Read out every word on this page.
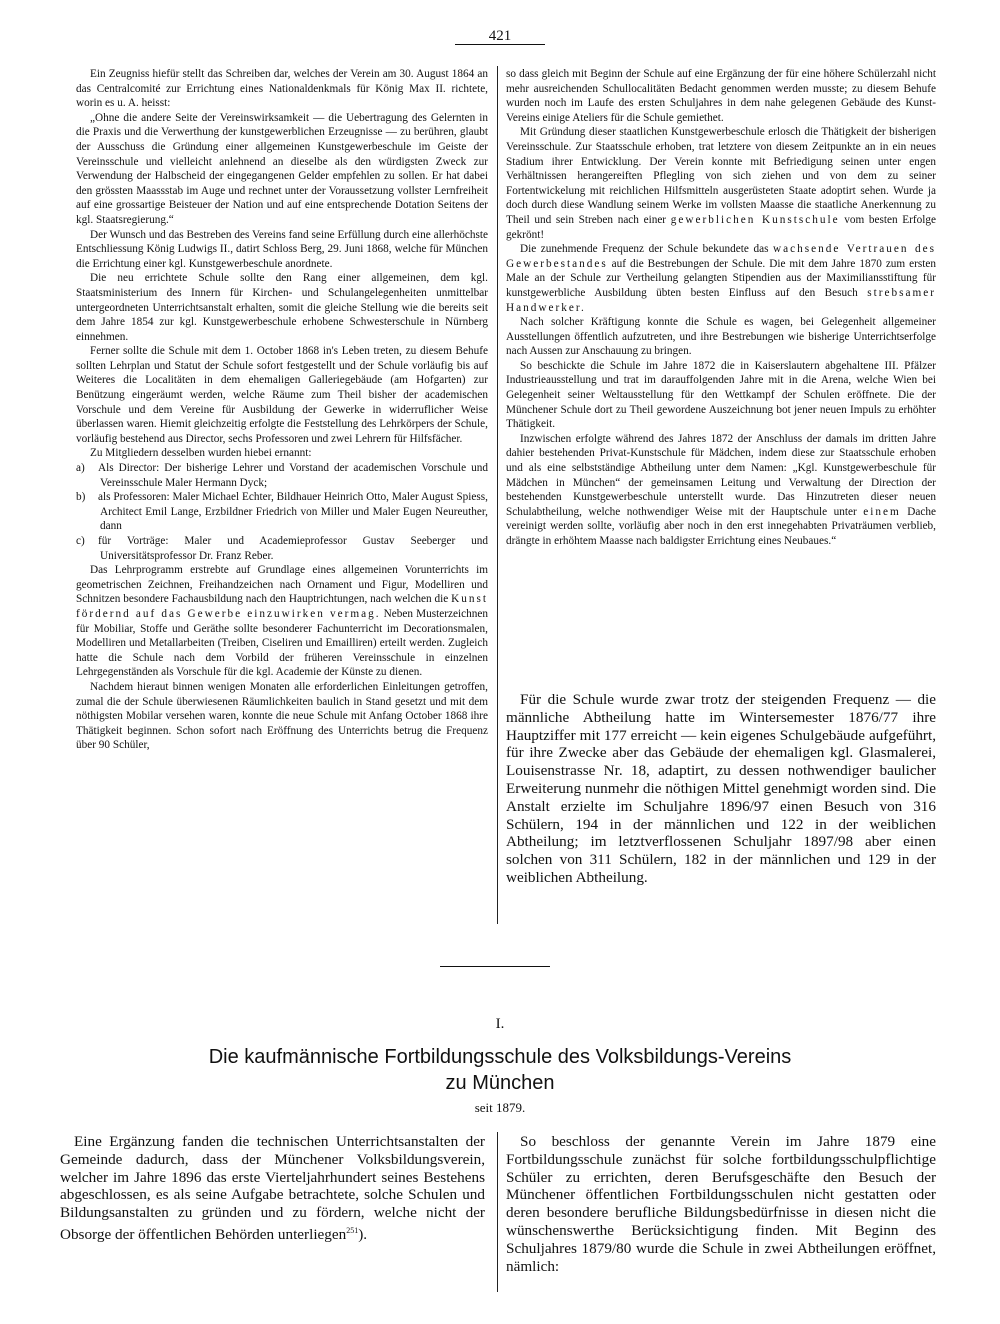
421

Ein Zeugniss hiefür stellt das Schreiben dar, welches der Verein am 30. August 1864 an das Centralcomité zur Errichtung eines Nationaldenkmals für König Max II. richtete, worin es u. A. heisst:

„Ohne die andere Seite der Vereinswirksamkeit — die Uebertragung des Gelernten in die Praxis und die Verwerthung der kunstgewerblichen Erzeugnisse — zu berühren, glaubt der Ausschuss die Gründung einer allgemeinen Kunstgewerbeschule im Geiste der Vereinsschule und vielleicht anlehnend an dieselbe als den würdigsten Zweck zur Verwendung der Halbscheid der eingegangenen Gelder empfehlen zu sollen. Er hat dabei den grössten Maassstab im Auge und rechnet unter der Voraussetzung vollster Lernfreiheit auf eine grossartige Beisteuer der Nation und auf eine entsprechende Dotation Seitens der kgl. Staatsregierung.“

Der Wunsch und das Bestreben des Vereins fand seine Erfüllung durch eine allerhöchste Entschliessung König Ludwigs II., datirt Schloss Berg, 29. Juni 1868, welche für München die Errichtung einer kgl. Kunstgewerbeschule anordnete.

Die neu errichtete Schule sollte den Rang einer allgemeinen, dem kgl. Staatsministerium des Innern für Kirchen- und Schulangelegenheiten unmittelbar untergeordneten Unterrichtsanstalt erhalten, somit die gleiche Stellung wie die bereits seit dem Jahre 1854 zur kgl. Kunstgewerbeschule erhobene Schwesterschule in Nürnberg einnehmen.

Ferner sollte die Schule mit dem 1. October 1868 in's Leben treten, zu diesem Behufe sollten Lehrplan und Statut der Schule sofort festgestellt und der Schule vorläufig bis auf Weiteres die Localitäten in dem ehemaligen Galleriegebäude (am Hofgarten) zur Benützung eingeräumt werden, welche Räume zum Theil bisher der academischen Vorschule und dem Vereine für Ausbildung der Gewerke in widerruflicher Weise überlassen waren. Hiemit gleichzeitig erfolgte die Feststellung des Lehrkörpers der Schule, vorläufig bestehend aus Director, sechs Professoren und zwei Lehrern für Hilfsfächer.

Zu Mitgliedern desselben wurden hiebei ernannt:

a) Als Director: Der bisherige Lehrer und Vorstand der academischen Vorschule und Vereinsschule Maler Hermann Dyck;

b) als Professoren: Maler Michael Echter, Bildhauer Heinrich Otto, Maler August Spiess, Architect Emil Lange, Erzbildner Friedrich von Miller und Maler Eugen Neureuther, dann

c) für Vorträge: Maler und Academieprofessor Gustav Seeberger und Universitätsprofessor Dr. Franz Reber.

Das Lehrprogramm erstrebte auf Grundlage eines allgemeinen Vorunterrichts im geometrischen Zeichnen, Freihandzeichen nach Ornament und Figur, Modelliren und Schnitzen besondere Fachausbildung nach den Hauptrichtungen, nach welchen die Kunst fördernd auf das Gewerbe einzuwirken vermag. Neben Musterzeichnen für Mobiliar, Stoffe und Geräthe sollte besonderer Fachunterricht im Decorationsmalen, Modelliren und Metallarbeiten (Treiben, Ciseliren und Emailliren) erteilt werden. Zugleich hatte die Schule nach dem Vorbild der früheren Vereinsschule in einzelnen Lehrgegenständen als Vorschule für die kgl. Academie der Künste zu dienen.

Nachdem hieraut binnen wenigen Monaten alle erforderlichen Einleitungen getroffen, zumal die der Schule überwiesenen Räumlichkeiten baulich in Stand gesetzt und mit dem nöthigsten Mobilar versehen waren, konnte die neue Schule mit Anfang October 1868 ihre Thätigkeit beginnen. Schon sofort nach Eröffnung des Unterrichts betrug die Frequenz über 90 Schüler,

so dass gleich mit Beginn der Schule auf eine Ergänzung der für eine höhere Schülerzahl nicht mehr ausreichenden Schullocalitäten Bedacht genommen werden musste; zu diesem Behufe wurden noch im Laufe des ersten Schuljahres in dem nahe gelegenen Gebäude des Kunst-Vereins einige Ateliers für die Schule gemiethet.

Mit Gründung dieser staatlichen Kunstgewerbeschule erlosch die Thätigkeit der bisherigen Vereinsschule. Zur Staatsschule erhoben, trat letztere von diesem Zeitpunkte an in ein neues Stadium ihrer Entwicklung. Der Verein konnte mit Befriedigung seinen unter engen Verhältnissen herangereiften Pflegling von sich ziehen und von dem zu seiner Fortentwickelung mit reichlichen Hilfsmitteln ausgerüsteten Staate adoptirt sehen. Wurde ja doch durch diese Wandlung seinem Werke im vollsten Maasse die staatliche Anerkennung zu Theil und sein Streben nach einer gewerblichen Kunstschule vom besten Erfolge gekrönt!

Die zunehmende Frequenz der Schule bekundete das wachsende Vertrauen des Gewerbestandes auf die Bestrebungen der Schule. Die mit dem Jahre 1870 zum ersten Male an der Schule zur Vertheilung gelangten Stipendien aus der Maximiliansstiftung für kunstgewerbliche Ausbildung übten besten Einfluss auf den Besuch strebsamer Handwerker.

Nach solcher Kräftigung konnte die Schule es wagen, bei Gelegenheit allgemeiner Ausstellungen öffentlich aufzutreten, und ihre Bestrebungen wie bisherige Unterrichtserfolge nach Aussen zur Anschauung zu bringen.

So beschickte die Schule im Jahre 1872 die in Kaiserslautern abgehaltene III. Pfälzer Industrieausstellung und trat im darauffolgenden Jahre mit in die Arena, welche Wien bei Gelegenheit seiner Weltausstellung für den Wettkampf der Schulen eröffnete. Die der Münchener Schule dort zu Theil gewordene Auszeichnung bot jener neuen Impuls zu erhöhter Thätigkeit.

Inzwischen erfolgte während des Jahres 1872 der Anschluss der damals im dritten Jahre dahier bestehenden Privat-Kunstschule für Mädchen, indem diese zur Staatsschule erhoben und als eine selbstständige Abtheilung unter dem Namen: „Kgl. Kunstgewerbeschule für Mädchen in München“ der gemeinsamen Leitung und Verwaltung der Direction der bestehenden Kunstgewerbeschule unterstellt wurde. Das Hinzutreten dieser neuen Schulabtheilung, welche nothwendiger Weise mit der Hauptschule unter einem Dache vereinigt werden sollte, vorläufig aber noch in den erst innegehabten Privaträumen verblieb, drängte in erhöhtem Maasse nach baldigster Errichtung eines Neubaues.“

Für die Schule wurde zwar trotz der steigenden Frequenz — die männliche Abtheilung hatte im Wintersemester 1876/77 ihre Hauptziffer mit 177 erreicht — kein eigenes Schulgebäude aufgeführt, für ihre Zwecke aber das Gebäude der ehemaligen kgl. Glasmalerei, Louisenstrasse Nr. 18, adaptirt, zu dessen nothwendiger baulicher Erweiterung nunmehr die nöthigen Mittel genehmigt worden sind. Die Anstalt erzielte im Schuljahre 1896/97 einen Besuch von 316 Schülern, 194 in der männlichen und 122 in der weiblichen Abtheilung; im letztverflossenen Schuljahr 1897/98 aber einen solchen von 311 Schülern, 182 in der männlichen und 129 in der weiblichen Abtheilung.

I.
Die kaufmännische Fortbildungsschule des Volksbildungs-Vereins
zu München
seit 1879.

Eine Ergänzung fanden die technischen Unterrichtsanstalten der Gemeinde dadurch, dass der Münchener Volksbildungsverein, welcher im Jahre 1896 das erste Vierteljahrhundert seines Bestehens abgeschlossen, es als seine Aufgabe betrachtete, solche Schulen und Bildungsanstalten zu gründen und zu fördern, welche nicht der Obsorge der öffentlichen Behörden unterliegen$^{251}$).

So beschloss der genannte Verein im Jahre 1879 eine Fortbildungsschule zunächst für solche fortbildungsschulpflichtige Schüler zu errichten, deren Berufsgeschäfte den Besuch der Münchener öffentlichen Fortbildungsschulen nicht gestatten oder deren besondere berufliche Bildungsbedürfnisse in diesen nicht die wünschenswerthe Berücksichtigung finden. Mit Beginn des Schuljahres 1879/80 wurde die Schule in zwei Abtheilungen eröffnet, nämlich:
